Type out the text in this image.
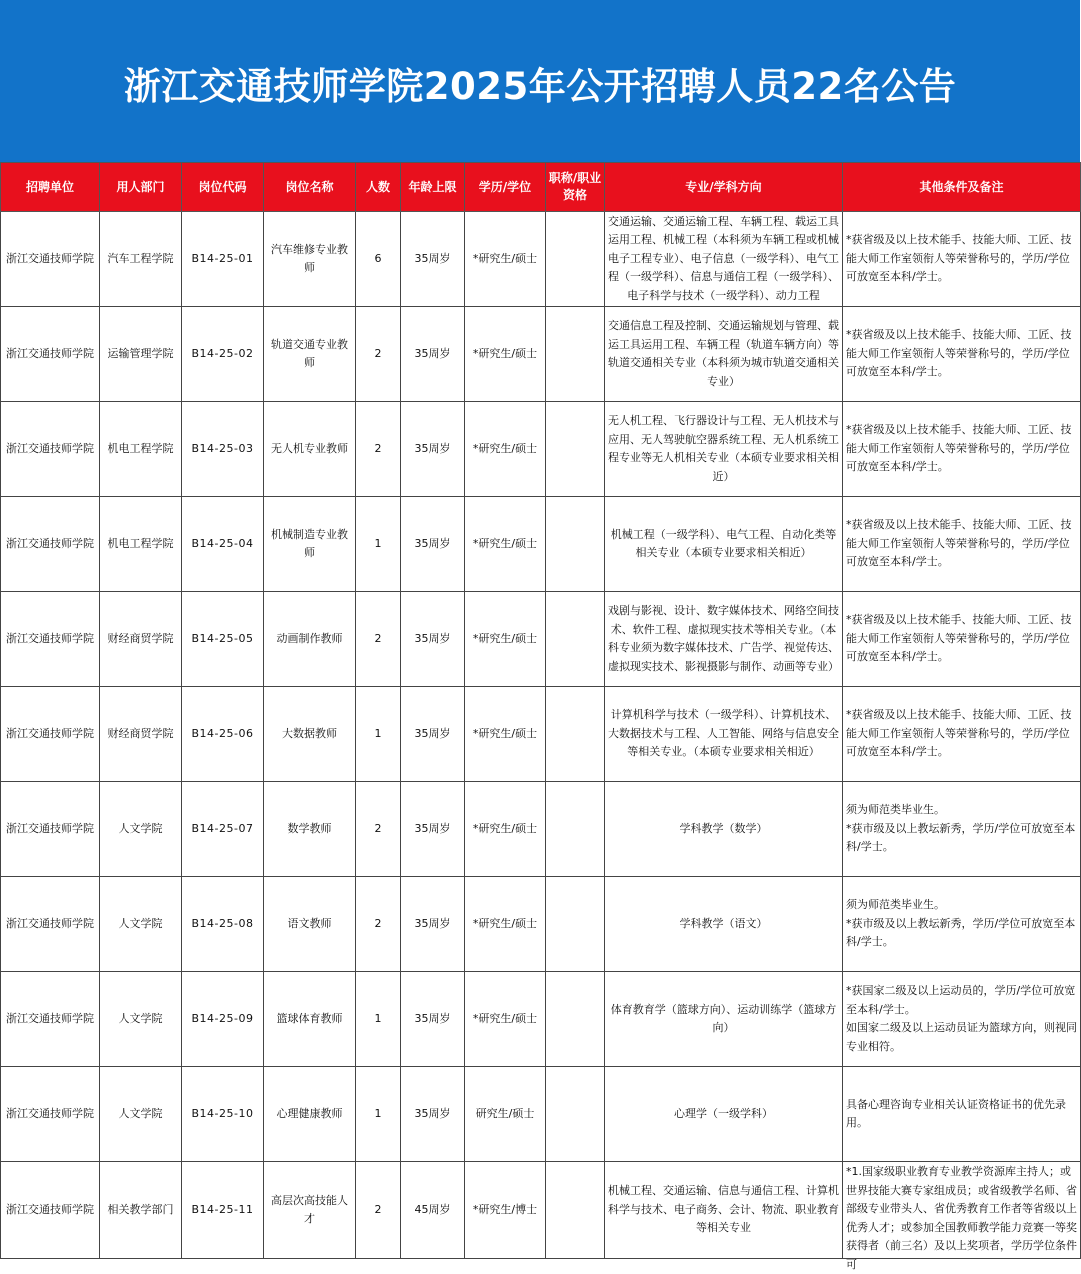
浙江交通技师学院2025年公开招聘人员22名公告
招聘单位	用人部门	岗位代码	岗位名称	人数	年龄上限	学历/学位	职称/职业资格	专业/学科方向	其他条件及备注

浙江交通技师学院	汽车工程学院	B14-25-01	汽车维修专业教师	6	35周岁	*研究生/硕士		交通运输、交通运输工程、车辆工程、载运工具运用工程、机械工程（本科须为车辆工程或机械电子工程专业）、电子信息（一级学科）、电气工程（一级学科）、信息与通信工程（一级学科）、电子科学与技术（一级学科）、动力工程	*获省级及以上技术能手、技能大师、工匠、技能大师工作室领衔人等荣誉称号的，学历/学位可放宽至本科/学士。

浙江交通技师学院	运输管理学院	B14-25-02	轨道交通专业教师	2	35周岁	*研究生/硕士		交通信息工程及控制、交通运输规划与管理、载运工具运用工程、车辆工程（轨道车辆方向）等轨道交通相关专业（本科须为城市轨道交通相关专业）	*获省级及以上技术能手、技能大师、工匠、技能大师工作室领衔人等荣誉称号的，学历/学位可放宽至本科/学士。

浙江交通技师学院	机电工程学院	B14-25-03	无人机专业教师	2	35周岁	*研究生/硕士		无人机工程、飞行器设计与工程、无人机技术与应用、无人驾驶航空器系统工程、无人机系统工程专业等无人机相关专业（本硕专业要求相关相近）	*获省级及以上技术能手、技能大师、工匠、技能大师工作室领衔人等荣誉称号的，学历/学位可放宽至本科/学士。

浙江交通技师学院	机电工程学院	B14-25-04	机械制造专业教师	1	35周岁	*研究生/硕士		机械工程（一级学科）、电气工程、自动化类等相关专业（本硕专业要求相关相近）	*获省级及以上技术能手、技能大师、工匠、技能大师工作室领衔人等荣誉称号的，学历/学位可放宽至本科/学士。

浙江交通技师学院	财经商贸学院	B14-25-05	动画制作教师	2	35周岁	*研究生/硕士		戏剧与影视、设计、数字媒体技术、网络空间技术、软件工程、虚拟现实技术等相关专业。（本科专业须为数字媒体技术、广告学、视觉传达、虚拟现实技术、影视摄影与制作、动画等专业）	*获省级及以上技术能手、技能大师、工匠、技能大师工作室领衔人等荣誉称号的，学历/学位可放宽至本科/学士。

浙江交通技师学院	财经商贸学院	B14-25-06	大数据教师	1	35周岁	*研究生/硕士		计算机科学与技术（一级学科）、计算机技术、大数据技术与工程、人工智能、网络与信息安全等相关专业。（本硕专业要求相关相近）	*获省级及以上技术能手、技能大师、工匠、技能大师工作室领衔人等荣誉称号的，学历/学位可放宽至本科/学士。

浙江交通技师学院	人文学院	B14-25-07	数学教师	2	35周岁	*研究生/硕士		学科教学（数学）	须为师范类毕业生。
*获市级及以上教坛新秀，学历/学位可放宽至本科/学士。

浙江交通技师学院	人文学院	B14-25-08	语文教师	2	35周岁	*研究生/硕士		学科教学（语文）	须为师范类毕业生。
*获市级及以上教坛新秀，学历/学位可放宽至本科/学士。

浙江交通技师学院	人文学院	B14-25-09	篮球体育教师	1	35周岁	*研究生/硕士		体育教育学（篮球方向）、运动训练学（篮球方向）	*获国家二级及以上运动员的，学历/学位可放宽至本科/学士。
如国家二级及以上运动员证为篮球方向，则视同专业相符。

浙江交通技师学院	人文学院	B14-25-10	心理健康教师	1	35周岁	研究生/硕士		心理学（一级学科）	具备心理咨询专业相关认证资格证书的优先录用。

浙江交通技师学院	相关教学部门	B14-25-11	高层次高技能人才	2	45周岁	*研究生/博士		机械工程、交通运输、信息与通信工程、计算机科学与技术、电子商务、会计、物流、职业教育等相关专业	*1.国家级职业教育专业教学资源库主持人；或世界技能大赛专家组成员；或省级教学名师、省部级专业带头人、省优秀教育工作者等省级以上优秀人才；或参加全国教师教学能力竞赛一等奖获得者（前三名）及以上奖项者，学历学位条件可
